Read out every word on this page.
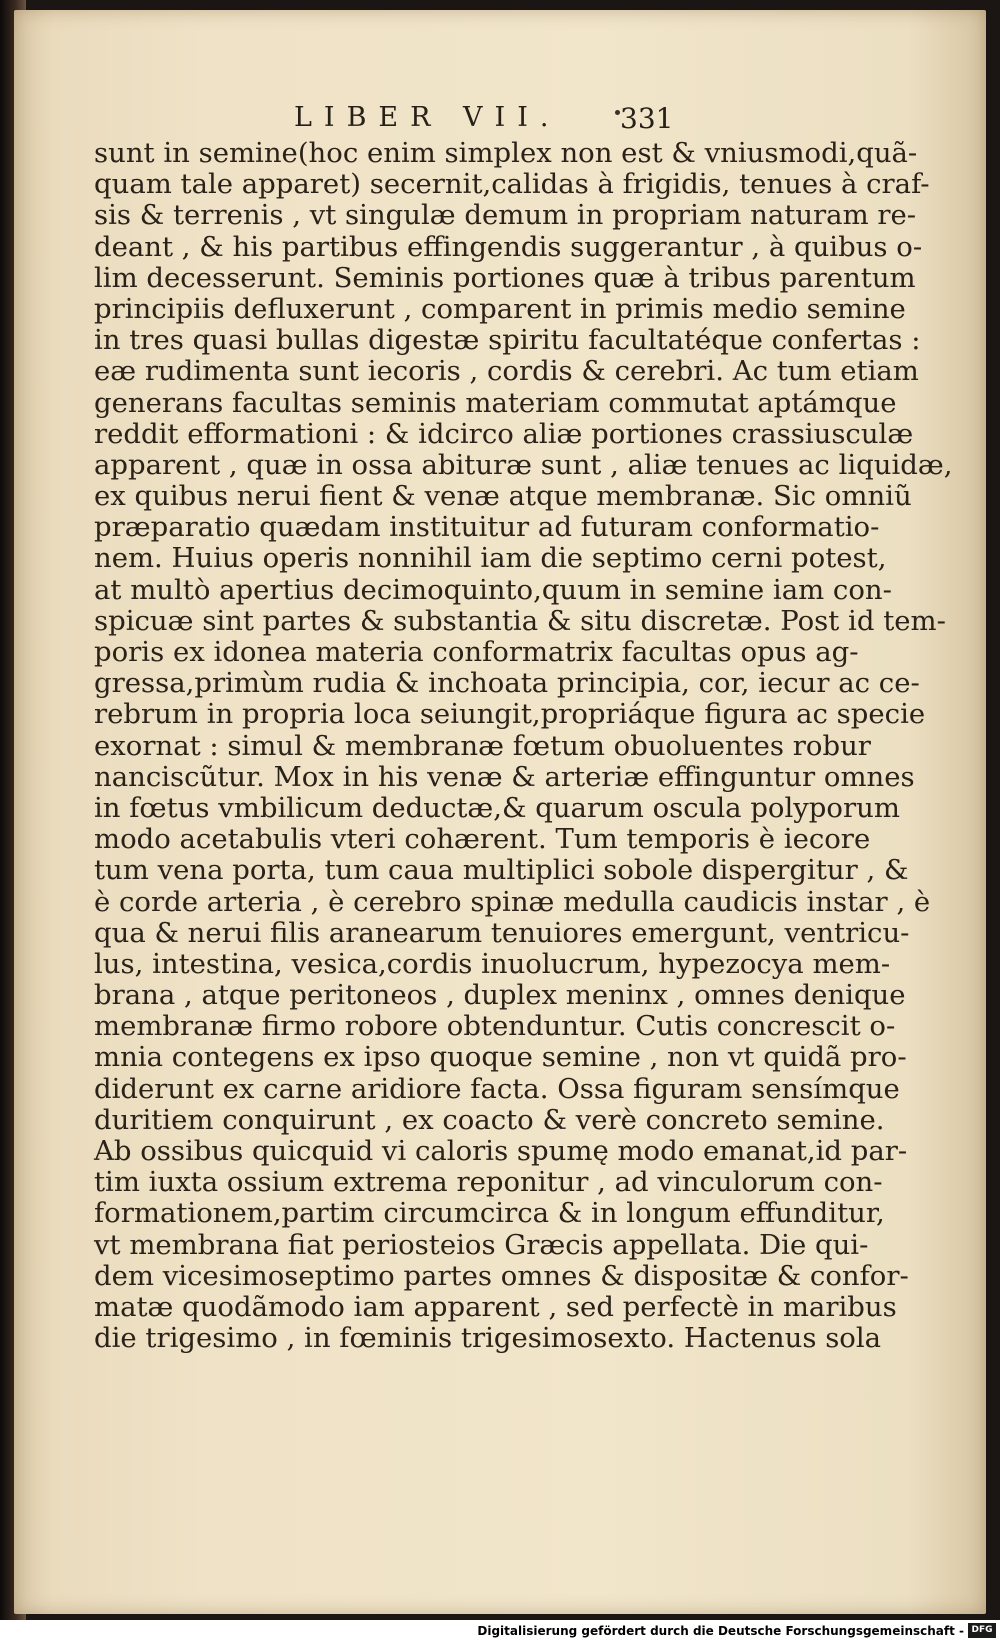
LIBER VII. 331
sunt in semine(hoc enim simplex non est & vniusmodi,quã-
quam tale apparet) secernit,calidas à frigidis, tenues à craf-
sis & terrenis , vt singulæ demum in propriam naturam re-
deant , & his partibus effingendis suggerantur , à quibus o-
lim decesserunt. Seminis portiones quæ à tribus parentum
principiis defluxerunt , comparent in primis medio semine
in tres quasi bullas digestæ spiritu facultatéque confertas :
eæ rudimenta sunt iecoris , cordis & cerebri. Ac tum etiam
generans facultas seminis materiam commutat aptámque
reddit efformationi : & idcirco aliæ portiones crassiusculæ
apparent , quæ in ossa abituræ sunt , aliæ tenues ac liquidæ,
ex quibus nerui fient & venæ atque membranæ. Sic omniũ
præparatio quædam instituitur ad futuram conformatio-
nem. Huius operis nonnihil iam die septimo cerni potest,
at multò apertius decimoquinto,quum in semine iam con-
spicuæ sint partes & substantia & situ discretæ. Post id tem-
poris ex idonea materia conformatrix facultas opus ag-
gressa,primùm rudia & inchoata principia, cor, iecur ac ce-
rebrum in propria loca seiungit,propriáque figura ac specie
exornat : simul & membranæ fœtum obuoluentes robur
nanciscũtur. Mox in his venæ & arteriæ effinguntur omnes
in fœtus vmbilicum deductæ,& quarum oscula polyporum
modo acetabulis vteri cohærent. Tum temporis è iecore
tum vena porta, tum caua multiplici sobole dispergitur , &
è corde arteria , è cerebro spinæ medulla caudicis instar , è
qua & nerui filis aranearum tenuiores emergunt, ventricu-
lus, intestina, vesica,cordis inuolucrum, hypezocya mem-
brana , atque peritoneos , duplex meninx , omnes denique
membranæ firmo robore obtenduntur. Cutis concrescit o-
mnia contegens ex ipso quoque semine , non vt quidã pro-
diderunt ex carne aridiore facta. Ossa figuram sensímque
duritiem conquirunt , ex coacto & verè concreto semine.
Ab ossibus quicquid vi caloris spumę modo emanat,id par-
tim iuxta ossium extrema reponitur , ad vinculorum con-
formationem,partim circumcirca & in longum effunditur,
vt membrana fiat periosteios Græcis appellata. Die qui-
dem vicesimoseptimo partes omnes & dispositæ & confor-
matæ quodãmodo iam apparent , sed perfectè in maribus
die trigesimo , in fœminis trigesimosexto. Hactenus sola
Digitalisierung gefördert durch die Deutsche Forschungsgemeinschaft - DFG
